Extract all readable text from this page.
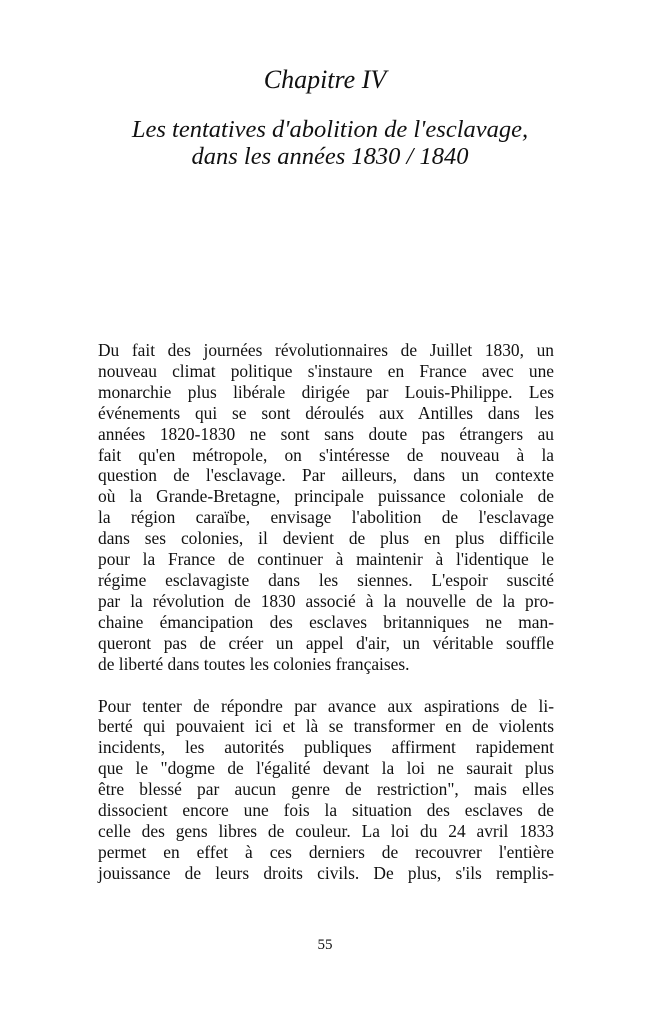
Chapitre IV
Les tentatives d'abolition de l'esclavage,
dans les années 1830 / 1840

Du fait des journées révolutionnaires de Juillet 1830, un
nouveau climat politique s'instaure en France avec une
monarchie plus libérale dirigée par Louis-Philippe. Les
événements qui se sont déroulés aux Antilles dans les
années 1820-1830 ne sont sans doute pas étrangers au
fait qu'en métropole, on s'intéresse de nouveau à la
question de l'esclavage. Par ailleurs, dans un contexte
où la Grande-Bretagne, principale puissance coloniale de
la région caraïbe, envisage l'abolition de l'esclavage
dans ses colonies, il devient de plus en plus difficile
pour la France de continuer à maintenir à l'identique le
régime esclavagiste dans les siennes. L'espoir suscité
par la révolution de 1830 associé à la nouvelle de la pro-
chaine émancipation des esclaves britanniques ne man-
queront pas de créer un appel d'air, un véritable souffle
de liberté dans toutes les colonies françaises.

Pour tenter de répondre par avance aux aspirations de li-
berté qui pouvaient ici et là se transformer en de violents
incidents, les autorités publiques affirment rapidement
que le "dogme de l'égalité devant la loi ne saurait plus
être blessé par aucun genre de restriction", mais elles
dissocient encore une fois la situation des esclaves de
celle des gens libres de couleur. La loi du 24 avril 1833
permet en effet à ces derniers de recouvrer l'entière
jouissance de leurs droits civils. De plus, s'ils remplis-

55
